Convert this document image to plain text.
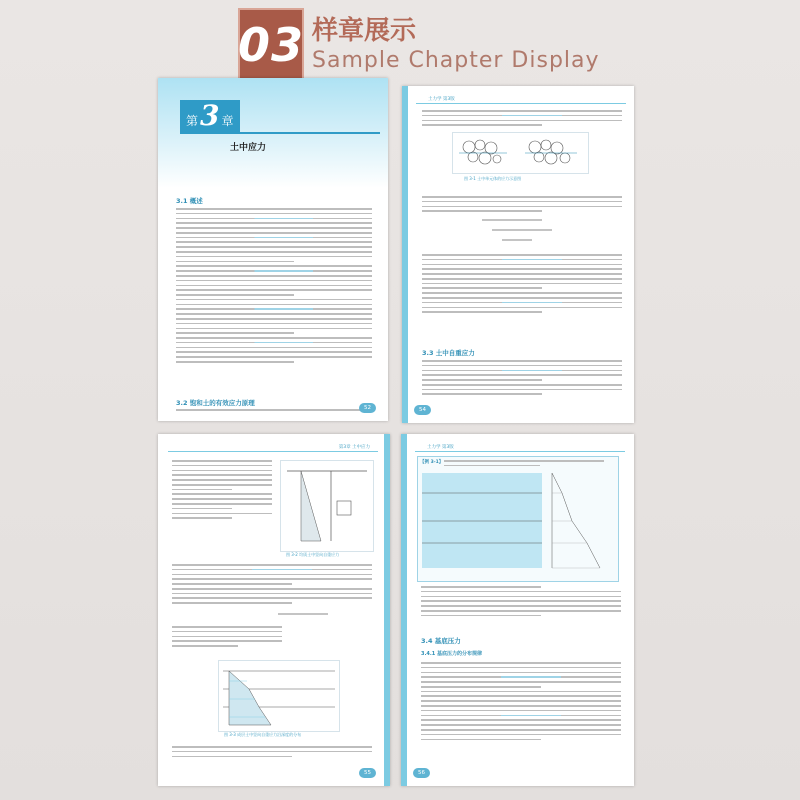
03 样章展示
Sample Chapter Display
第 3 章
土中应力
3.1 概述
3.2 饱和土的有效应力原理
52
土力学 第3版
图 3-1 土中单元体的应力示意图
3.3 土中自重应力
54
第3章 土中应力
图 3-2 均质土中竖向自重应力
图 3-3 成层土中竖向自重应力沿深度的分布
55
土力学 第3版
【例 3-1】
3.4 基底压力
3.4.1 基底压力的分布规律
56
